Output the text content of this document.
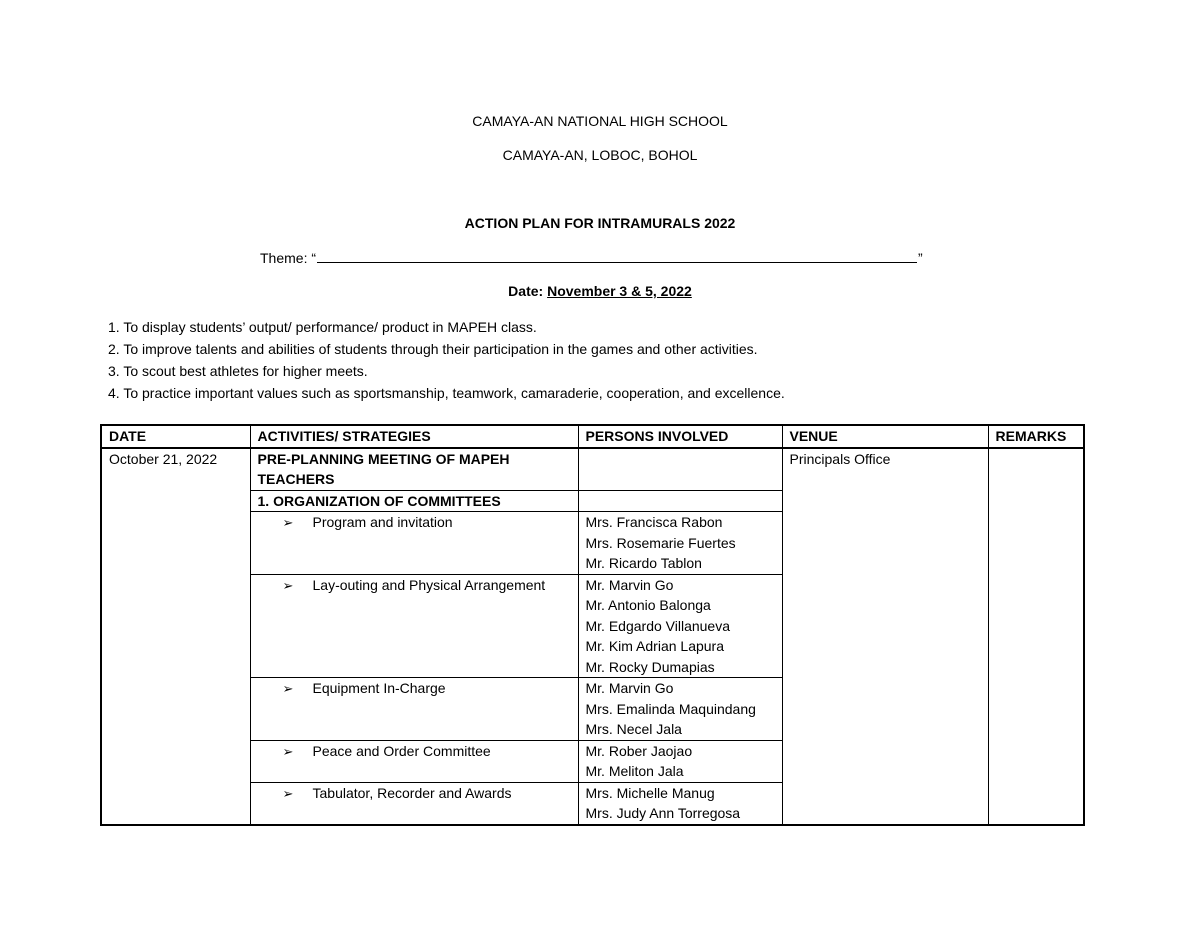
CAMAYA-AN NATIONAL HIGH SCHOOL
CAMAYA-AN, LOBOC, BOHOL
ACTION PLAN FOR INTRAMURALS 2022
Theme: “	”
Date: November 3 & 5, 2022
1. To display students’ output/ performance/ product in MAPEH class.
2. To improve talents and abilities of students through their participation in the games and other activities.
3. To scout best athletes for higher meets.
4. To practice important values such as sportsmanship, teamwork, camaraderie, cooperation, and excellence.
DATE	ACTIVITIES/ STRATEGIES	PERSONS INVOLVED	VENUE	REMARKS
October 21, 2022	PRE-PLANNING MEETING OF MAPEH TEACHERS		Principals Office	
	1. ORGANIZATION OF COMMITTEES			

	➢ Program and invitation	Mrs. Francisca Rabon
Mrs. Rosemarie Fuertes
Mr. Ricardo Tablon		

	➢ Lay-outing and Physical Arrangement	Mr. Marvin Go
Mr. Antonio Balonga
Mr. Edgardo Villanueva
Mr. Kim Adrian Lapura
Mr. Rocky Dumapias		

	➢ Equipment In-Charge	Mr. Marvin Go
Mrs. Emalinda Maquindang
Mrs. Necel Jala		

	➢ Peace and Order Committee	Mr. Rober Jaojao
Mr. Meliton Jala		

	➢ Tabulator, Recorder and Awards	Mrs. Michelle Manug
Mrs. Judy Ann Torregosa		
